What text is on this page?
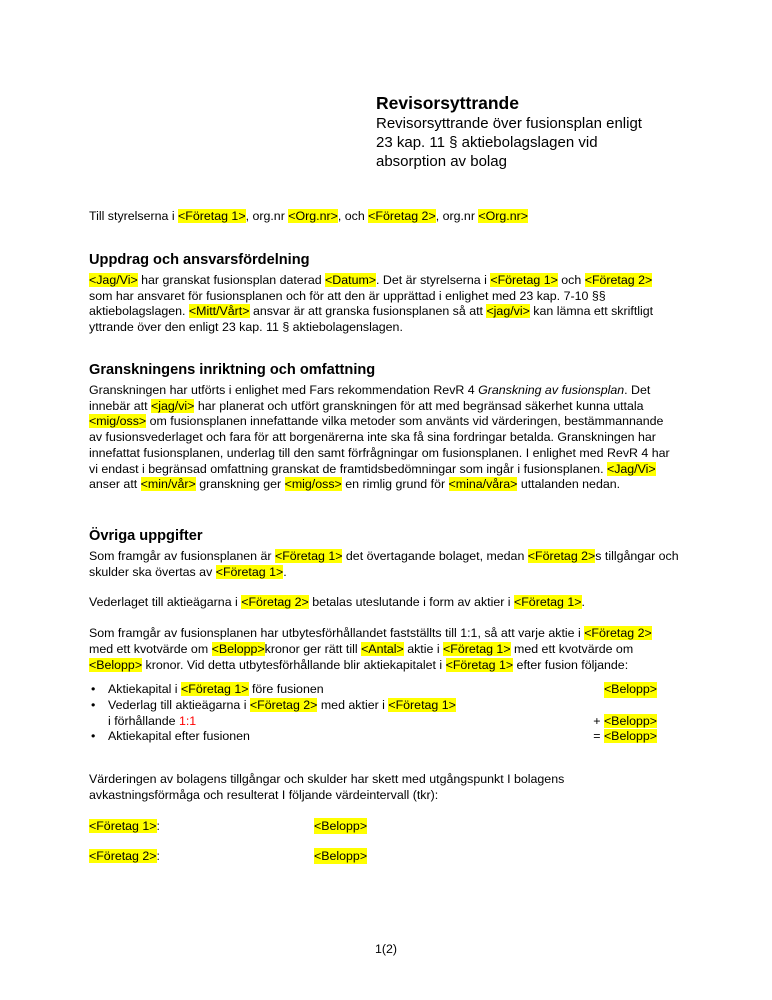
Revisorsyttrande

Revisorsyttrande över fusionsplan enligt

23 kap. 11 § aktiebolagslagen vid

absorption av bolag

Till styrelserna i <Företag 1>, org.nr <Org.nr>, och <Företag 2>, org.nr <Org.nr>

Uppdrag och ansvarsfördelning

<Jag/Vi> har granskat fusionsplan daterad <Datum>. Det är styrelserna i <Företag 1> och <Företag 2> som har ansvaret för fusionsplanen och för att den är upprättad i enlighet med 23 kap. 7-10 §§ aktiebolagslagen. <Mitt/Vårt> ansvar är att granska fusionsplanen så att <jag/vi> kan lämna ett skriftligt yttrande över den enligt 23 kap. 11 § aktiebolagenslagen.

Granskningens inriktning och omfattning

Granskningen har utförts i enlighet med Fars rekommendation RevR 4 Granskning av fusionsplan. Det innebär att <jag/vi> har planerat och utfört granskningen för att med begränsad säkerhet kunna uttala <mig/oss> om fusionsplanen innefattande vilka metoder som använts vid värderingen, bestämmannande av fusionsvederlaget och fara för att borgenärerna inte ska få sina fordringar betalda. Granskningen har innefattat fusionsplanen, underlag till den samt förfrågningar om fusionsplanen. I enlighet med RevR 4 har vi endast i begränsad omfattning granskat de framtidsbedömningar som ingår i fusionsplanen. <Jag/Vi> anser att <min/vår> granskning ger <mig/oss> en rimlig grund för <mina/våra> uttalanden nedan.

Övriga uppgifter

Som framgår av fusionsplanen är <Företag 1> det övertagande bolaget, medan <Företag 2>s tillgångar och skulder ska övertas av <Företag 1>.

Vederlaget till aktieägarna i <Företag 2> betalas uteslutande i form av aktier i <Företag 1>.

Som framgår av fusionsplanen har utbytesförhållandet fastställts till 1:1, så att varje aktie i <Företag 2> med ett kvotvärde om <Belopp>kronor ger rätt till <Antal> aktie i <Företag 1> med ett kvotvärde om <Belopp> kronor. Vid detta utbytesförhållande blir aktiekapitalet i <Företag 1> efter fusion följande:

• Aktiekapital i <Företag 1> före fusionen	<Belopp>
• Vederlag till aktieägarna i <Företag 2> med aktier i <Företag 1>
i förhållande 1:1	+ <Belopp>
• Aktiekapital efter fusionen	= <Belopp>

Värderingen av bolagens tillgångar och skulder har skett med utgångspunkt I bolagens avkastningsförmåga och resulterat I följande värdeintervall (tkr):

<Företag 1>:	<Belopp>
<Företag 2>:	<Belopp>
1(2)
